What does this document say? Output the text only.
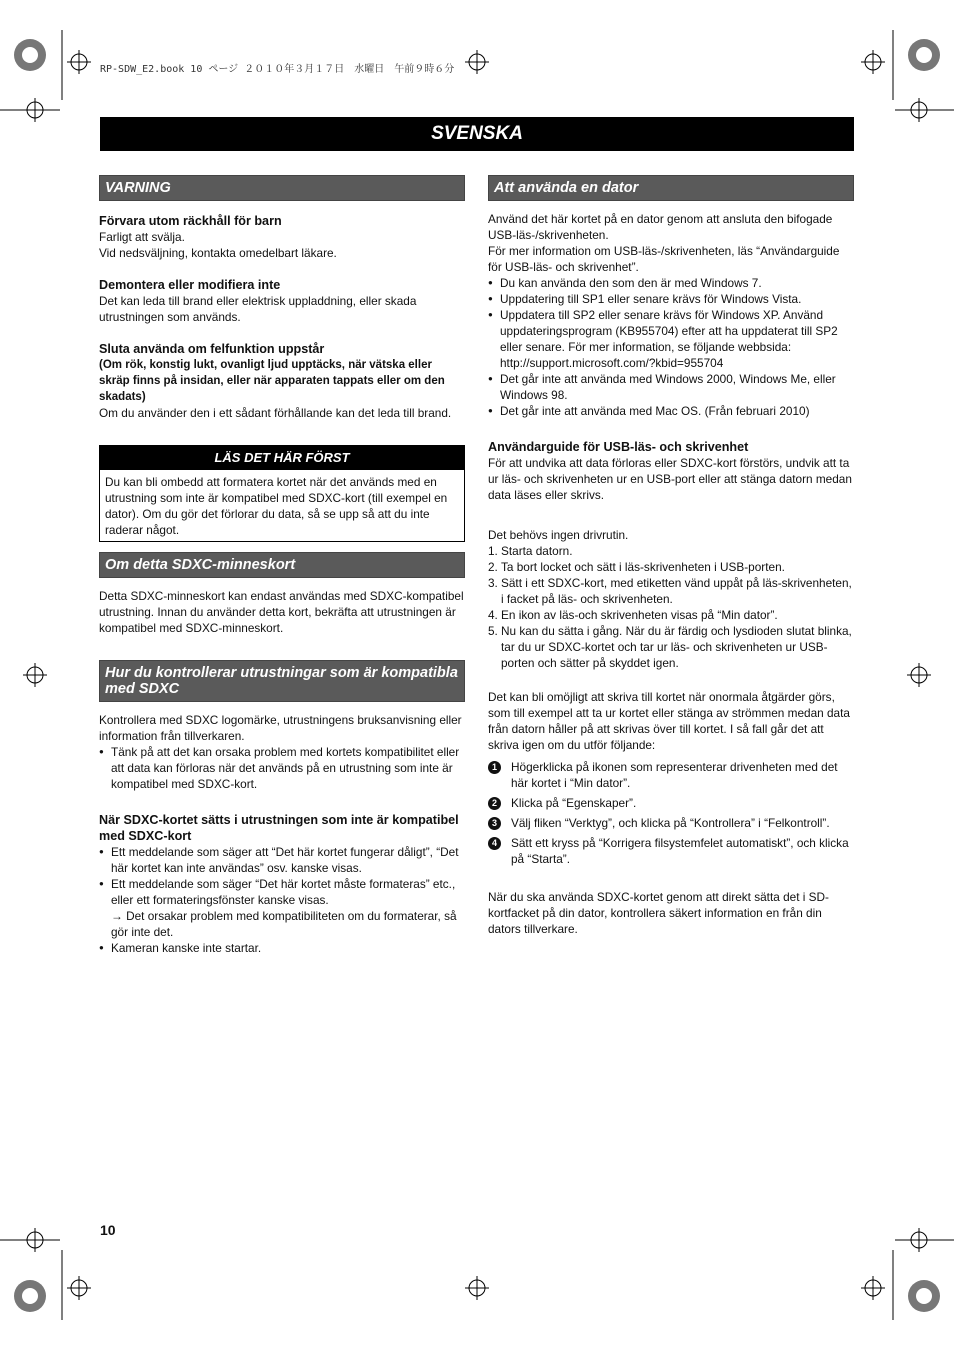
RP-SDW_E2.book 10 ページ ２０１０年３月１７日　水曜日　午前９時６分
SVENSKA
VARNING
Förvara utom räckhåll för barn

Farligt att svälja.

Vid nedsväljning, kontakta omedelbart läkare.

Demontera eller modifiera inte

Det kan leda till brand eller elektrisk uppladdning, eller skada utrustningen som används.

Sluta använda om felfunktion uppstår

(Om rök, konstig lukt, ovanligt ljud upptäcks, när vätska eller skräp finns på insidan, eller när apparaten tappats eller om den skadats)

Om du använder den i ett sådant förhållande kan det leda till brand.

LÄS DET HÄR FÖRST
Du kan bli ombedd att formatera kortet när det används med en utrustning som inte är kompatibel med SDXC-kort (till exempel en dator). Om du gör det förlorar du data, så se upp så att du inte raderar något.
Om detta SDXC-minneskort

Detta SDXC-minneskort kan endast användas med SDXC-kompatibel utrustning. Innan du använder detta kort, bekräfta att utrustningen är kompatibel med SDXC-minneskort.

Hur du kontrollerar utrustningar som är kompatibla med SDXC

Kontrollera med SDXC logomärke, utrustningens bruksanvisning eller information från tillverkaren.

● Tänk på att det kan orsaka problem med kortets kompatibilitet eller att data kan förloras när det används på en utrustning som inte är kompatibel med SDXC-kort.
När SDXC-kortet sätts i utrustningen som inte är kompatibel med SDXC-kort
● Ett meddelande som säger att “Det här kortet fungerar dåligt”, “Det här kortet kan inte användas” osv. kanske visas.
● Ett meddelande som säger “Det här kortet måste formateras” etc., eller ett formateringsfönster kanske visas.
→ Det orsakar problem med kompatibiliteten om du formaterar, så gör inte det.
● Kameran kanske inte startar.
Att använda en dator

Använd det här kortet på en dator genom att ansluta den bifogade USB-läs-/skrivenheten.

För mer information om USB-läs-/skrivenheten, läs “Användarguide för USB-läs- och skrivenhet”.

● Du kan använda den som den är med Windows 7.
● Uppdatering till SP1 eller senare krävs för Windows Vista.
● Uppdatera till SP2 eller senare krävs för Windows XP. Använd uppdateringsprogram (KB955704) efter att ha uppdaterat till SP2 eller senare. För mer information, se följande webbsida: http://support.microsoft.com/?kbid=955704
● Det går inte att använda med Windows 2000, Windows Me, eller Windows 98.
● Det går inte att använda med Mac OS. (Från februari 2010)
Användarguide för USB-läs- och skrivenhet

För att undvika att data förloras eller SDXC-kort förstörs, undvik att ta ur läs- och skrivenheten ur en USB-port eller att stänga datorn medan data läses eller skrivs.

Det behövs ingen drivrutin.

1. Starta datorn.
2. Ta bort locket och sätt i läs-skrivenheten i USB-porten.
3. Sätt i ett SDXC-kort, med etiketten vänd uppåt på läs-skrivenheten, i facket på läs- och skrivenheten.
4. En ikon av läs-och skrivenheten visas på “Min dator”.
5. Nu kan du sätta i gång. När du är färdig och lysdioden slutat blinka, tar du ur SDXC-kortet och tar ur läs- och skrivenheten ur USB-porten och sätter på skyddet igen.

Det kan bli omöjligt att skriva till kortet när onormala åtgärder görs, som till exempel att ta ur kortet eller stänga av strömmen medan data från datorn håller på att skrivas över till kortet. I så fall går det att skriva igen om du utför följande:

1	Högerklicka på ikonen som representerar drivenheten med det här kortet i “Min dator”.
2	Klicka på “Egenskaper”.
3	Välj fliken “Verktyg”, och klicka på “Kontrollera” i “Felkontroll”.
4	Sätt ett kryss på “Korrigera filsystemfelet automatiskt”, och klicka på “Starta”.

När du ska använda SDXC-kortet genom att direkt sätta det i SD-kortfacket på din dator, kontrollera säkert information en från din dators tillverkare.

10
